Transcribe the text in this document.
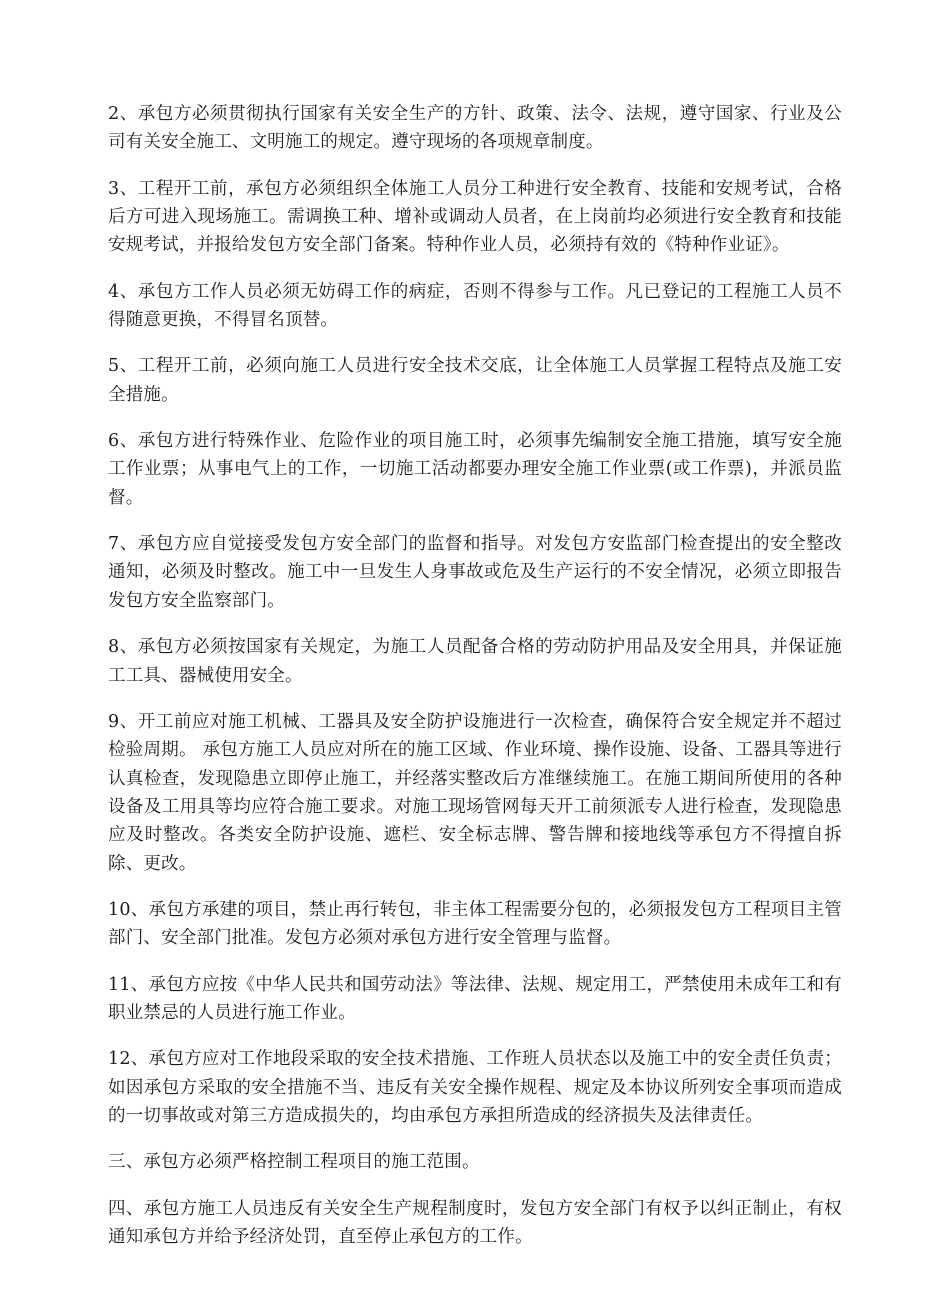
2、承包方必须贯彻执行国家有关安全生产的方针、政策、法令、法规，遵守国家、行业及公司有关安全施工、文明施工的规定。遵守现场的各项规章制度。

3、工程开工前，承包方必须组织全体施工人员分工种进行安全教育、技能和安规考试，合格后方可进入现场施工。需调换工种、增补或调动人员者，在上岗前均必须进行安全教育和技能安规考试，并报给发包方安全部门备案。特种作业人员，必须持有效的《特种作业证》。

4、承包方工作人员必须无妨碍工作的病症，否则不得参与工作。凡已登记的工程施工人员不得随意更换，不得冒名顶替。

5、工程开工前，必须向施工人员进行安全技术交底，让全体施工人员掌握工程特点及施工安全措施。

6、承包方进行特殊作业、危险作业的项目施工时，必须事先编制安全施工措施，填写安全施工作业票；从事电气上的工作，一切施工活动都要办理安全施工作业票(或工作票)，并派员监督。

7、承包方应自觉接受发包方安全部门的监督和指导。对发包方安监部门检查提出的安全整改通知，必须及时整改。施工中一旦发生人身事故或危及生产运行的不安全情况，必须立即报告发包方安全监察部门。

8、承包方必须按国家有关规定，为施工人员配备合格的劳动防护用品及安全用具，并保证施工工具、器械使用安全。

9、开工前应对施工机械、工器具及安全防护设施进行一次检查，确保符合安全规定并不超过检验周期。 承包方施工人员应对所在的施工区域、作业环境、操作设施、设备、工器具等进行认真检查，发现隐患立即停止施工，并经落实整改后方准继续施工。在施工期间所使用的各种设备及工用具等均应符合施工要求。对施工现场管网每天开工前须派专人进行检查，发现隐患应及时整改。各类安全防护设施、遮栏、安全标志牌、警告牌和接地线等承包方不得擅自拆除、更改。

10、承包方承建的项目，禁止再行转包，非主体工程需要分包的，必须报发包方工程项目主管部门、安全部门批准。发包方必须对承包方进行安全管理与监督。

11、承包方应按《中华人民共和国劳动法》等法律、法规、规定用工，严禁使用未成年工和有职业禁忌的人员进行施工作业。

12、承包方应对工作地段采取的安全技术措施、工作班人员状态以及施工中的安全责任负责；如因承包方采取的安全措施不当、违反有关安全操作规程、规定及本协议所列安全事项而造成的一切事故或对第三方造成损失的，均由承包方承担所造成的经济损失及法律责任。

三、承包方必须严格控制工程项目的施工范围。

四、承包方施工人员违反有关安全生产规程制度时，发包方安全部门有权予以纠正制止，有权通知承包方并给予经济处罚，直至停止承包方的工作。
